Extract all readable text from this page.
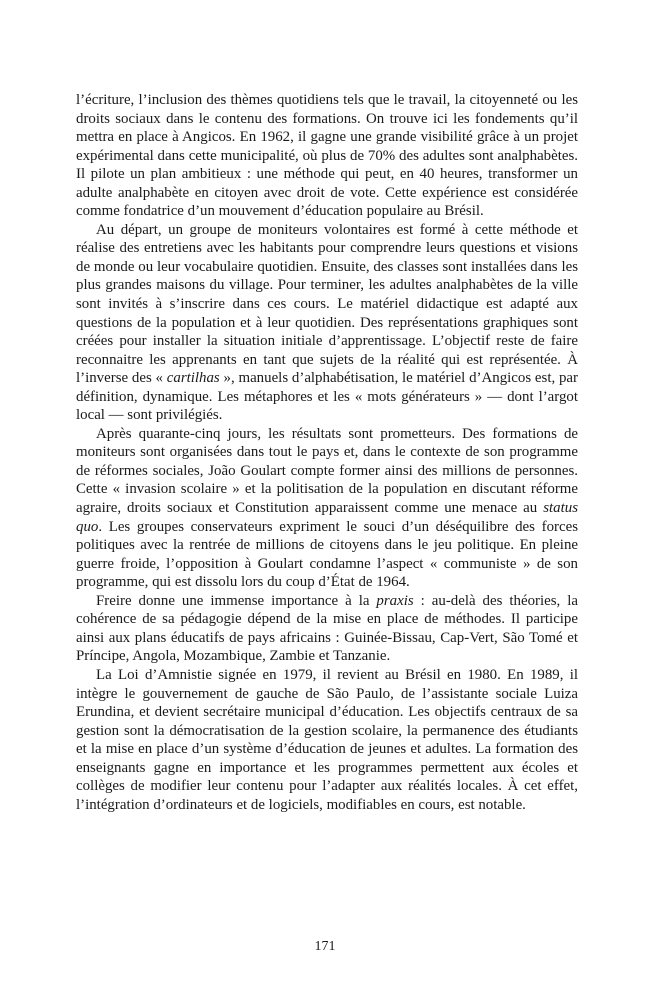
l’écriture, l’inclusion des thèmes quotidiens tels que le travail, la citoyenneté ou les droits sociaux dans le contenu des formations. On trouve ici les fondements qu’il mettra en place à Angicos. En 1962, il gagne une grande visibilité grâce à un projet expérimental dans cette municipalité, où plus de 70% des adultes sont analphabètes. Il pilote un plan ambitieux : une méthode qui peut, en 40 heures, transformer un adulte analphabète en citoyen avec droit de vote. Cette expérience est considérée comme fondatrice d’un mouvement d’éducation populaire au Brésil.

Au départ, un groupe de moniteurs volontaires est formé à cette méthode et réalise des entretiens avec les habitants pour comprendre leurs questions et visions de monde ou leur vocabulaire quotidien. Ensuite, des classes sont installées dans les plus grandes maisons du village. Pour terminer, les adultes analphabètes de la ville sont invités à s’inscrire dans ces cours. Le matériel didactique est adapté aux questions de la population et à leur quotidien. Des représentations graphiques sont créées pour installer la situation initiale d’apprentissage. L’objectif reste de faire reconnaitre les apprenants en tant que sujets de la réalité qui est représentée. À l’inverse des « cartilhas », manuels d’alphabétisation, le matériel d’Angicos est, par définition, dynamique. Les métaphores et les « mots générateurs » — dont l’argot local — sont privilégiés.

Après quarante-cinq jours, les résultats sont prometteurs. Des formations de moniteurs sont organisées dans tout le pays et, dans le contexte de son programme de réformes sociales, João Goulart compte former ainsi des millions de personnes. Cette « invasion scolaire » et la politisation de la population en discutant réforme agraire, droits sociaux et Constitution apparaissent comme une menace au status quo. Les groupes conservateurs expriment le souci d’un déséquilibre des forces politiques avec la rentrée de millions de citoyens dans le jeu politique. En pleine guerre froide, l’opposition à Goulart condamne l’aspect « communiste » de son programme, qui est dissolu lors du coup d’État de 1964.

Freire donne une immense importance à la praxis : au-delà des théories, la cohérence de sa pédagogie dépend de la mise en place de méthodes. Il participe ainsi aux plans éducatifs de pays africains : Guinée-Bissau, Cap-Vert, São Tomé et Príncipe, Angola, Mozambique, Zambie et Tanzanie.

La Loi d’Amnistie signée en 1979, il revient au Brésil en 1980. En 1989, il intègre le gouvernement de gauche de São Paulo, de l’assistante sociale Luiza Erundina, et devient secrétaire municipal d’éducation. Les objectifs centraux de sa gestion sont la démocratisation de la gestion scolaire, la permanence des étudiants et la mise en place d’un système d’éducation de jeunes et adultes. La formation des enseignants gagne en importance et les programmes permettent aux écoles et collèges de modifier leur contenu pour l’adapter aux réalités locales. À cet effet, l’intégration d’ordinateurs et de logiciels, modifiables en cours, est notable.

171
